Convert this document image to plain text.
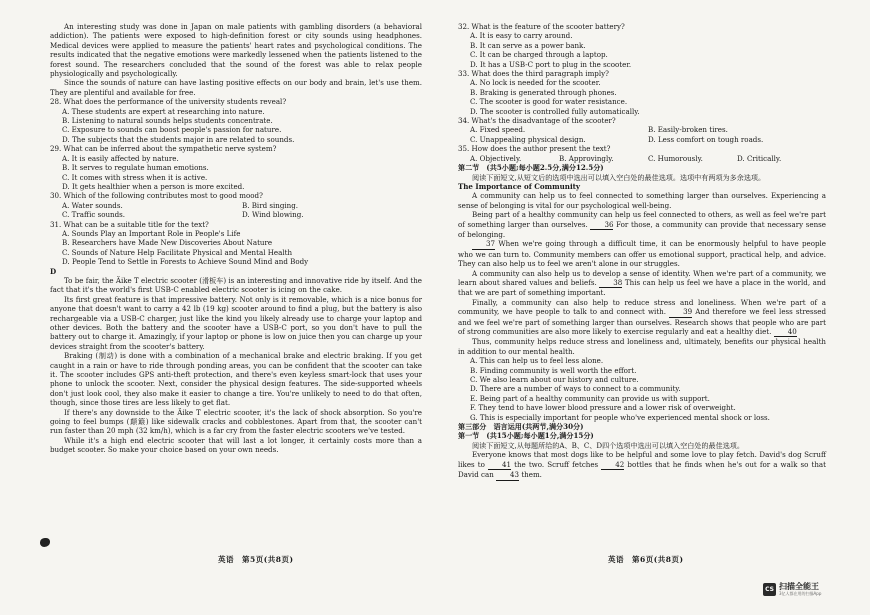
An interesting study was done in Japan on male patients with gambling disorders (a behavioral addiction). The patients were exposed to high-definition forest or city sounds using headphones. Medical devices were applied to measure the patients' heart rates and psychological conditions. The results indicated that the negative emotions were markedly lessened when the patients listened to the forest sound. The researchers concluded that the sound of the forest was able to relax people physiologically and psychologically.

Since the sounds of nature can have lasting positive effects on our body and brain, let's use them. They are plentiful and available for free.

28. What does the performance of the university students reveal?

A. These students are expert at researching into nature.

B. Listening to natural sounds helps students concentrate.

C. Exposure to sounds can boost people's passion for nature.

D. The subjects that the students major in are related to sounds.

29. What can be inferred about the sympathetic nerve system?

A. It is easily affected by nature.

B. It serves to regulate human emotions.

C. It comes with stress when it is active.

D. It gets healthier when a person is more excited.

30. Which of the following contributes most to good mood?

A. Water sounds.	B. Bird singing.
C. Traffic sounds.	D. Wind blowing.

31. What can be a suitable title for the text?

A. Sounds Play an Important Role in People's Life

B. Researchers have Made New Discoveries About Nature

C. Sounds of Nature Help Facilitate Physical and Mental Health

D. People Tend to Settle in Forests to Achieve Sound Mind and Body

D

To be fair, the Äike T electric scooter (滑板车) is an interesting and innovative ride by itself. And the fact that it's the world's first USB-C enabled electric scooter is icing on the cake.

Its first great feature is that impressive battery. Not only is it removable, which is a nice bonus for anyone that doesn't want to carry a 42 lb (19 kg) scooter around to find a plug, but the battery is also rechargeable via a USB-C charger, just like the kind you likely already use to charge your laptop and other devices. Both the battery and the scooter have a USB-C port, so you don't have to pull the battery out to charge it. Amazingly, if your laptop or phone is low on juice then you can charge up your devices straight from the scooter's battery.

Braking (制动) is done with a combination of a mechanical brake and electric braking. If you get caught in a rain or have to ride through ponding areas, you can be confident that the scooter can take it. The scooter includes GPS anti-theft protection, and there's even keyless smart-lock that uses your phone to unlock the scooter. Next, consider the physical design features. The side-supported wheels don't just look cool, they also make it easier to change a tire. You're unlikely to need to do that often, though, since those tires are less likely to get flat.

If there's any downside to the Äike T electric scooter, it's the lack of shock absorption. So you're going to feel bumps (颠簸) like sidewalk cracks and cobblestones. Apart from that, the scooter can't run faster than 20 mph (32 km/h), which is a far cry from the faster electric scooters we've tested.

While it's a high end electric scooter that will last a lot longer, it certainly costs more than a budget scooter. So make your choice based on your own needs.

32. What is the feature of the scooter battery?

A. It is easy to carry around.

B. It can serve as a power bank.

C. It can be charged through a laptop.

D. It has a USB-C port to plug in the scooter.

33. What does the third paragraph imply?

A. No lock is needed for the scooter.

B. Braking is generated through phones.

C. The scooter is good for water resistance.

D. The scooter is controlled fully automatically.

34. What's the disadvantage of the scooter?

A. Fixed speed.	B. Easily-broken tires.
C. Unappealing physical design.	D. Less comfort on tough roads.

35. How does the author present the text?

A. Objectively.	B. Approvingly.	C. Humorously.	D. Critically.

第二节　(共5小题;每小题2.5分,满分12.5分)

阅读下面短文,从短文后的选项中选出可以填入空白处的最佳选项。选项中有两项为多余选项。

The Importance of Community

A community can help us to feel connected to something larger than ourselves. Experiencing a sense of belonging is vital for our psychological well-being.

Being part of a healthy community can help us feel connected to others, as well as feel we're part of something larger than ourselves. 36 For those, a community can provide that necessary sense of belonging.

37 When we're going through a difficult time, it can be enormously helpful to have people who we can turn to. Community members can offer us emotional support, practical help, and advice. They can also help us to feel we aren't alone in our struggles.

A community can also help us to develop a sense of identity. When we're part of a community, we learn about shared values and beliefs. 38 This can help us feel we have a place in the world, and that we are part of something important.

Finally, a community can also help to reduce stress and loneliness. When we're part of a community, we have people to talk to and connect with. 39 And therefore we feel less stressed and we feel we're part of something larger than ourselves. Research shows that people who are part of strong communities are also more likely to exercise regularly and eat a healthy diet. 40

Thus, community helps reduce stress and loneliness and, ultimately, benefits our physical health in addition to our mental health.

A. This can help us to feel less alone.

B. Finding community is well worth the effort.

C. We also learn about our history and culture.

D. There are a number of ways to connect to a community.

E. Being part of a healthy community can provide us with support.

F. They tend to have lower blood pressure and a lower risk of overweight.

G. This is especially important for people who've experienced mental shock or loss.

第三部分　语言运用(共两节,满分30分)

第一节　(共15小题;每小题1分,满分15分)

阅读下面短文,从每题所给的A、B、C、D四个选项中选出可以填入空白处的最佳选项。

Everyone knows that most dogs like to be helpful and some love to play fetch. David's dog Scruff likes to 41 the two. Scruff fetches 42 bottles that he finds when he's out for a walk so that David can 43 them.

英语　第5页(共8页)	英语　第6页(共8页)
CS 扫描全能王
3亿人都在用的扫描App
